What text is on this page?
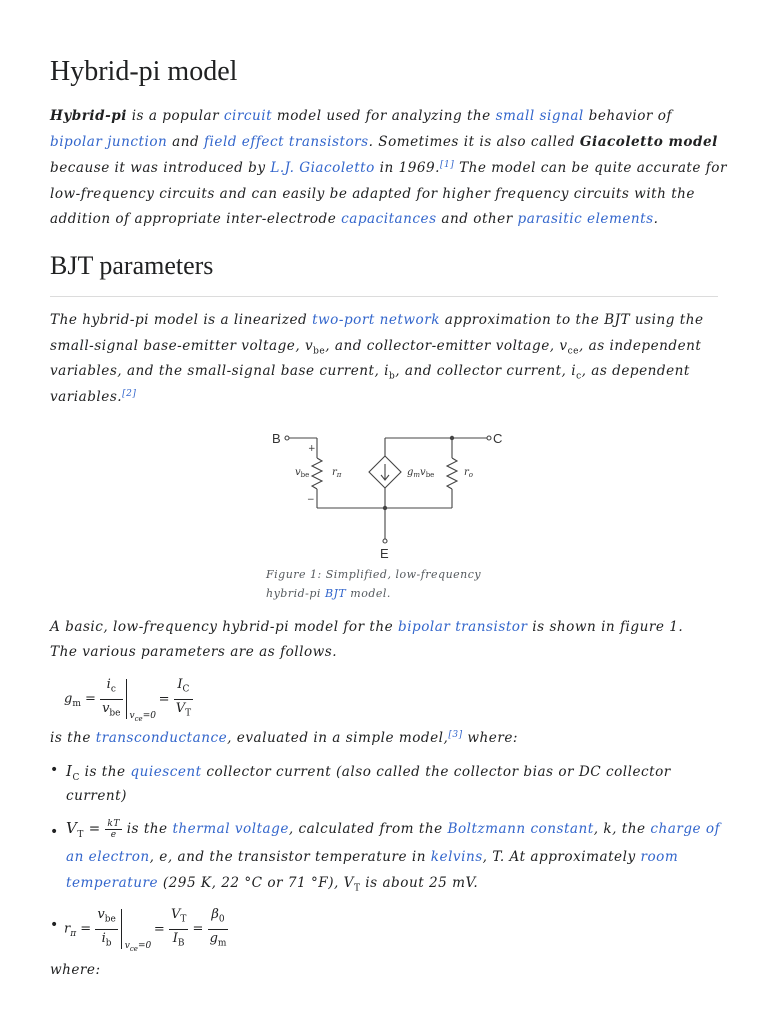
Hybrid-pi model

Hybrid-pi is a popular circuit model used for analyzing the small signal behavior of

bipolar junction and field effect transistors. Sometimes it is also called Giacoletto model

because it was introduced by L.J. Giacoletto in 1969.[1] The model can be quite accurate for

low-frequency circuits and can easily be adapted for higher frequency circuits with the

addition of appropriate inter-electrode capacitances and other parasitic elements.

BJT parameters

The hybrid-pi model is a linearized two-port network approximation to the BJT using the

small-signal base-emitter voltage, $v_{be}$, and collector-emitter voltage, $v_{ce}$, as independent

variables, and the small-signal base current, $i_b$, and collector current, $i_c$, as dependent

variables.[2]

B	C
E
+
−
$v_{be}$ $r_\pi$	$g_mv_{be}$	$r_o$

Figure 1: Simplified, low-frequency

hybrid-pi BJT model.

A basic, low-frequency hybrid-pi model for the bipolar transistor is shown in figure 1.

The various parameters are as follows.

$g_m = \frac{i_c}{v_{be}} v_{ce}=0$
= $\frac{I_C}{V_T}$

is the transconductance, evaluated in a simple model,[3] where:

• $I_C$ is the quiescent collector current (also called the collector bias or DC collector

current)

• $V_T = \frac{kT}{e}$ is the thermal voltage, calculated from the Boltzmann constant, k, the charge of

an electron, e, and the transistor temperature in kelvins, T. At approximately room

temperature (295 K, 22 °C or 71 °F), $V_T$ is about 25 mV.

• $r_\pi = \frac{v_{be}}{i_b} v_{ce}=0$
= $\frac{V_T}{I_B} = \frac{\beta_0}{g_m}$

where:
